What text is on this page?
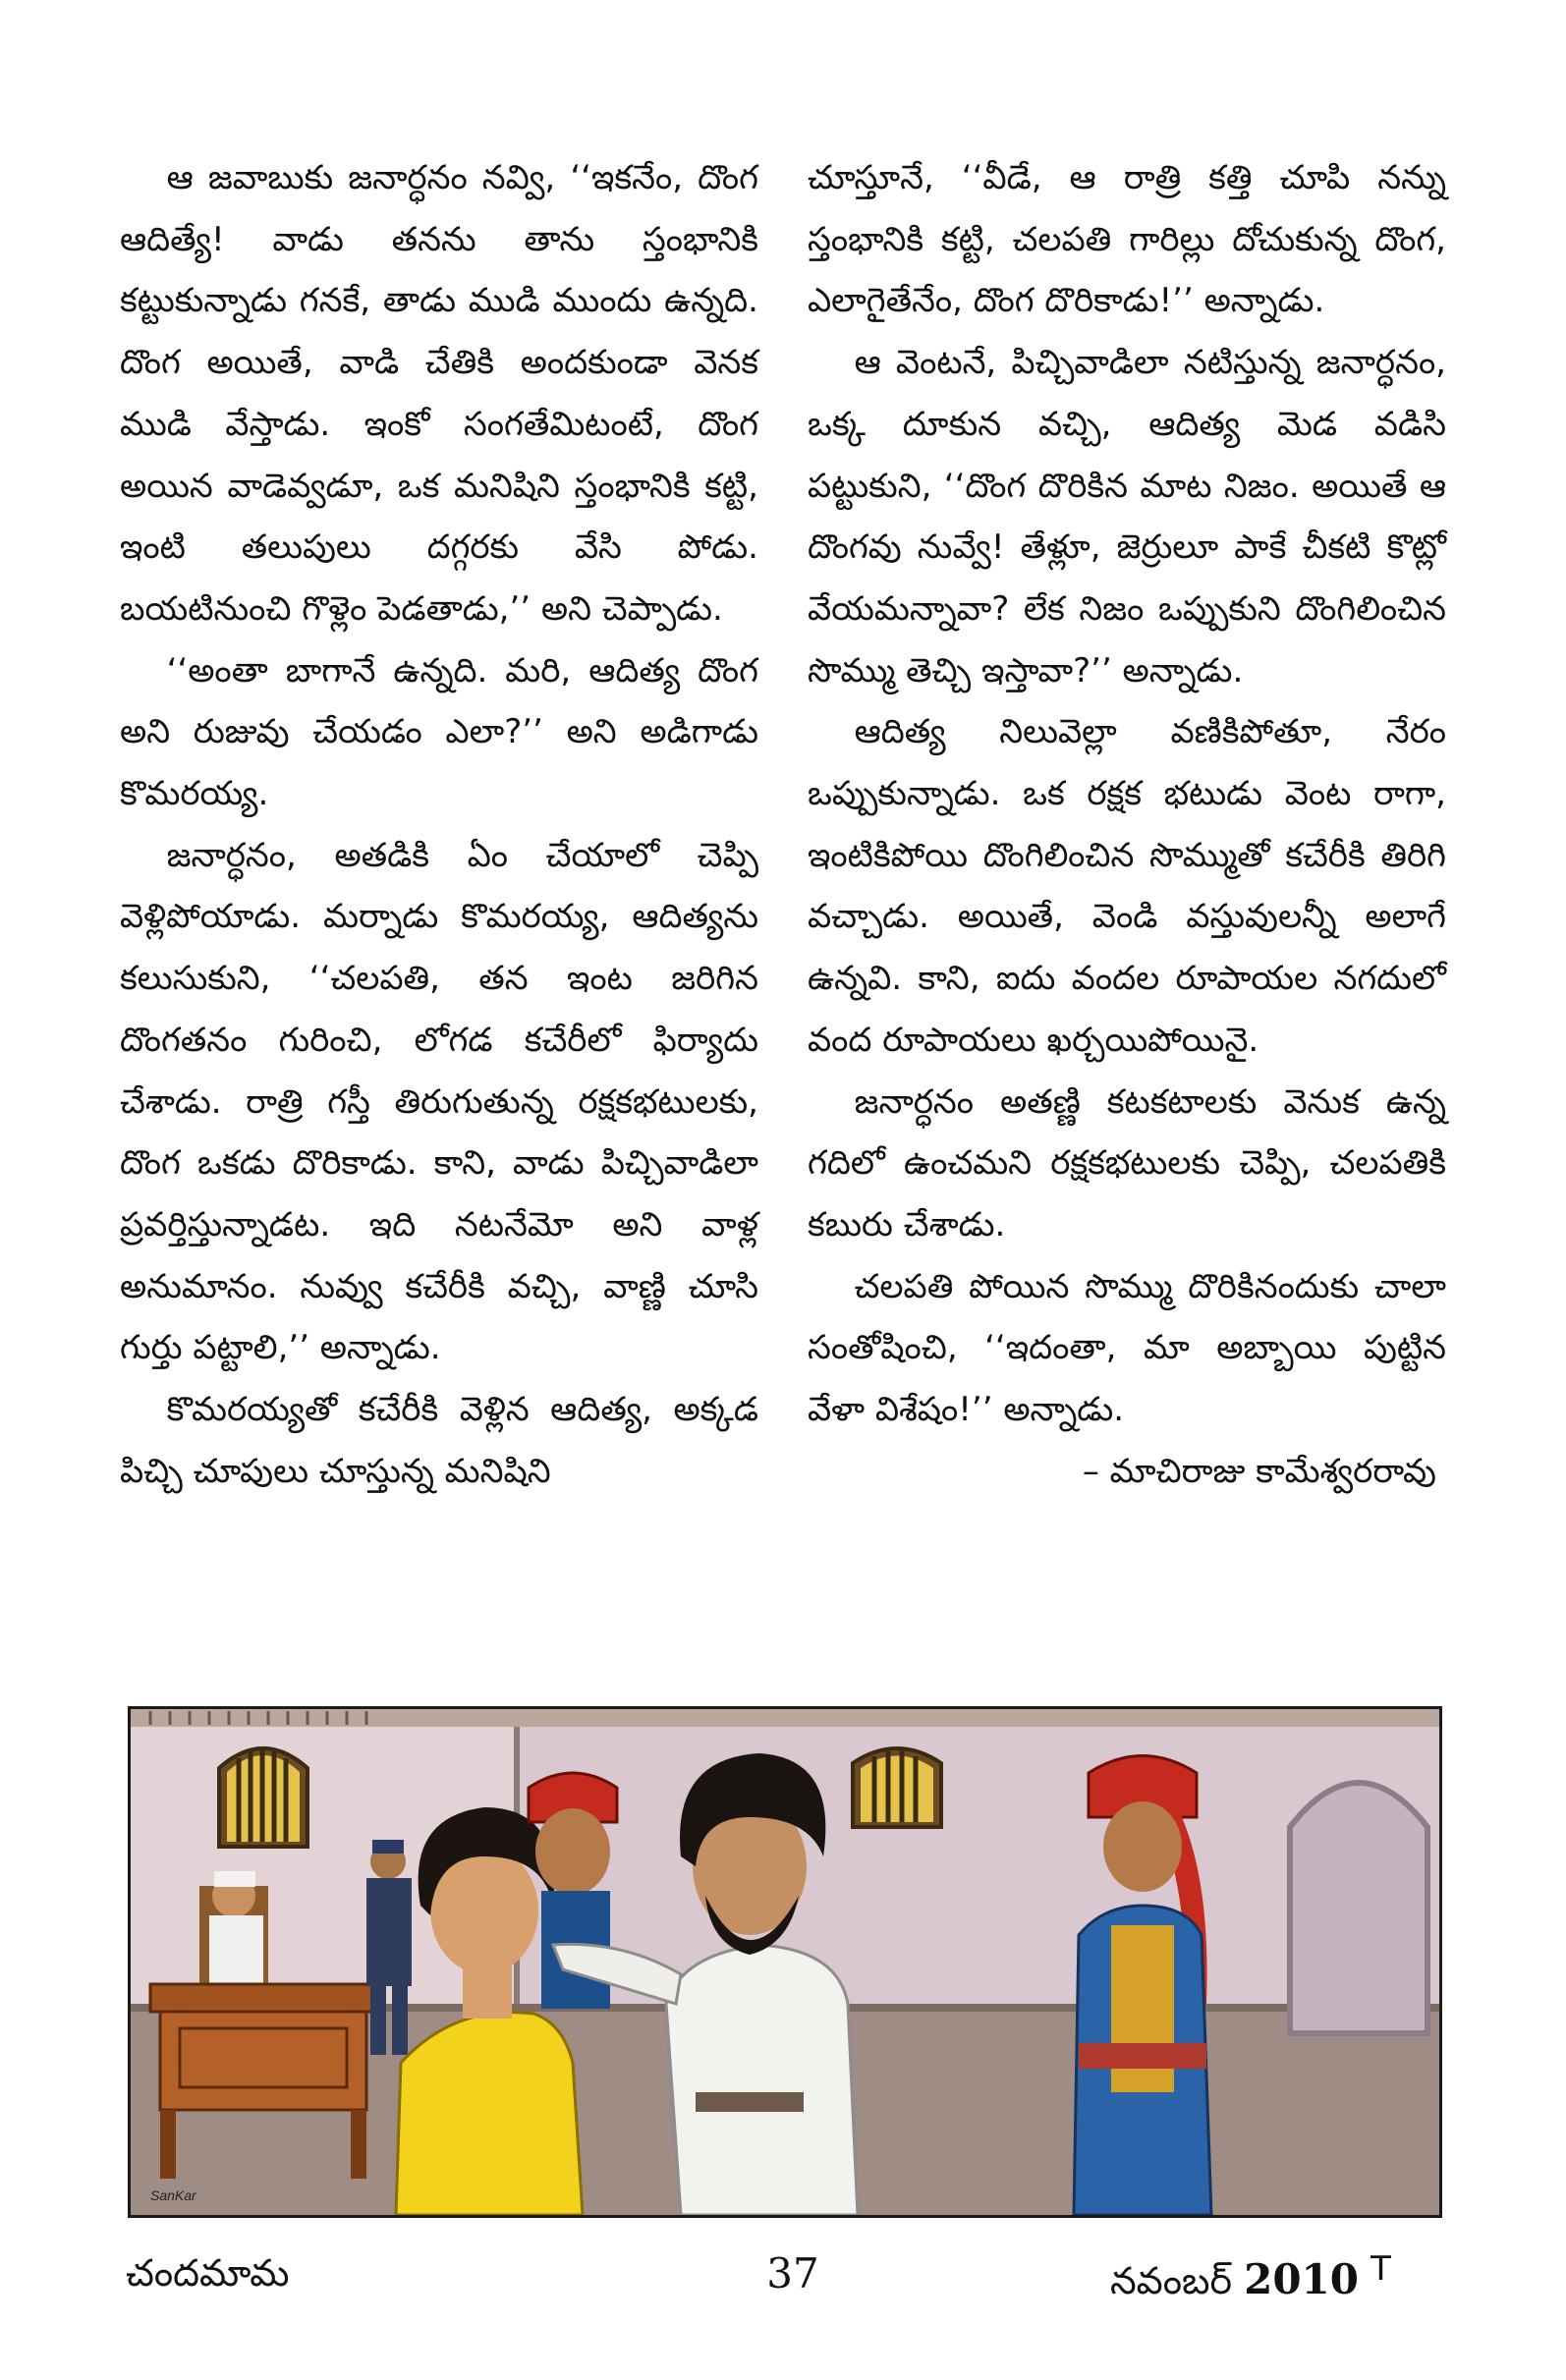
ఆ జవాబుకు జనార్ధనం నవ్వి, ‘‘ఇకనేం, దొంగ ఆదిత్యే! వాడు తనను తాను స్తంభానికి కట్టుకున్నాడు గనకే, తాడు ముడి ముందు ఉన్నది. దొంగ అయితే, వాడి చేతికి అందకుండా వెనక ముడి వేస్తాడు. ఇంకో సంగతేమిటంటే, దొంగ అయిన వాడెవ్వడూ, ఒక మనిషిని స్తంభానికి కట్టి, ఇంటి తలుపులు దగ్గరకు వేసి పోడు. బయటినుంచి గొళ్లెం పెడతాడు,’’ అని చెప్పాడు.

‘‘అంతా బాగానే ఉన్నది. మరి, ఆదిత్య దొంగ అని రుజువు చేయడం ఎలా?’’ అని అడిగాడు కొమరయ్య.

జనార్ధనం, అతడికి ఏం చేయాలో చెప్పి వెళ్లిపోయాడు. మర్నాడు కొమరయ్య, ఆదిత్యను కలుసుకుని, ‘‘చలపతి, తన ఇంట జరిగిన దొంగతనం గురించి, లోగడ కచేరీలో ఫిర్యాదు చేశాడు. రాత్రి గస్తీ తిరుగుతున్న రక్షకభటులకు, దొంగ ఒకడు దొరికాడు. కాని, వాడు పిచ్చివాడిలా ప్రవర్తిస్తున్నాడట. ఇది నటనేమో అని వాళ్ల అనుమానం. నువ్వు కచేరీకి వచ్చి, వాణ్ణి చూసి గుర్తు పట్టాలి,’’ అన్నాడు.

కొమరయ్యతో కచేరీకి వెళ్లిన ఆదిత్య, అక్కడ పిచ్చి చూపులు చూస్తున్న మనిషిని

చూస్తూనే, ‘‘వీడే, ఆ రాత్రి కత్తి చూపి నన్ను స్తంభానికి కట్టి, చలపతి గారిల్లు దోచుకున్న దొంగ, ఎలాగైతేనేం, దొంగ దొరికాడు!’’ అన్నాడు.

ఆ వెంటనే, పిచ్చివాడిలా నటిస్తున్న జనార్ధనం, ఒక్క దూకున వచ్చి, ఆదిత్య మెడ వడిసి పట్టుకుని, ‘‘దొంగ దొరికిన మాట నిజం. అయితే ఆ దొంగవు నువ్వే! తేళ్లూ, జెర్రులూ పాకే చీకటి కొట్లో వేయమన్నావా? లేక నిజం ఒప్పుకుని దొంగిలించిన సొమ్ము తెచ్చి ఇస్తావా?’’ అన్నాడు.

ఆదిత్య నిలువెల్లా వణికిపోతూ, నేరం ఒప్పుకున్నాడు. ఒక రక్షక భటుడు వెంట రాగా, ఇంటికిపోయి దొంగిలించిన సొమ్ముతో కచేరీకి తిరిగి వచ్చాడు. అయితే, వెండి వస్తువులన్నీ అలాగే ఉన్నవి. కాని, ఐదు వందల రూపాయల నగదులో వంద రూపాయలు ఖర్చయిపోయినై.

జనార్ధనం అతణ్ణి కటకటాలకు వెనుక ఉన్న గదిలో ఉంచమని రక్షకభటులకు చెప్పి, చలపతికి కబురు చేశాడు.

చలపతి పోయిన సొమ్ము దొరికినందుకు చాలా సంతోషించి, ‘‘ఇదంతా, మా అబ్బాయి పుట్టిన వేళా విశేషం!’’ అన్నాడు.

– మాచిరాజు కామేశ్వరరావు

SanKar
చందమామ	37	నవంబర్ 2010 T
